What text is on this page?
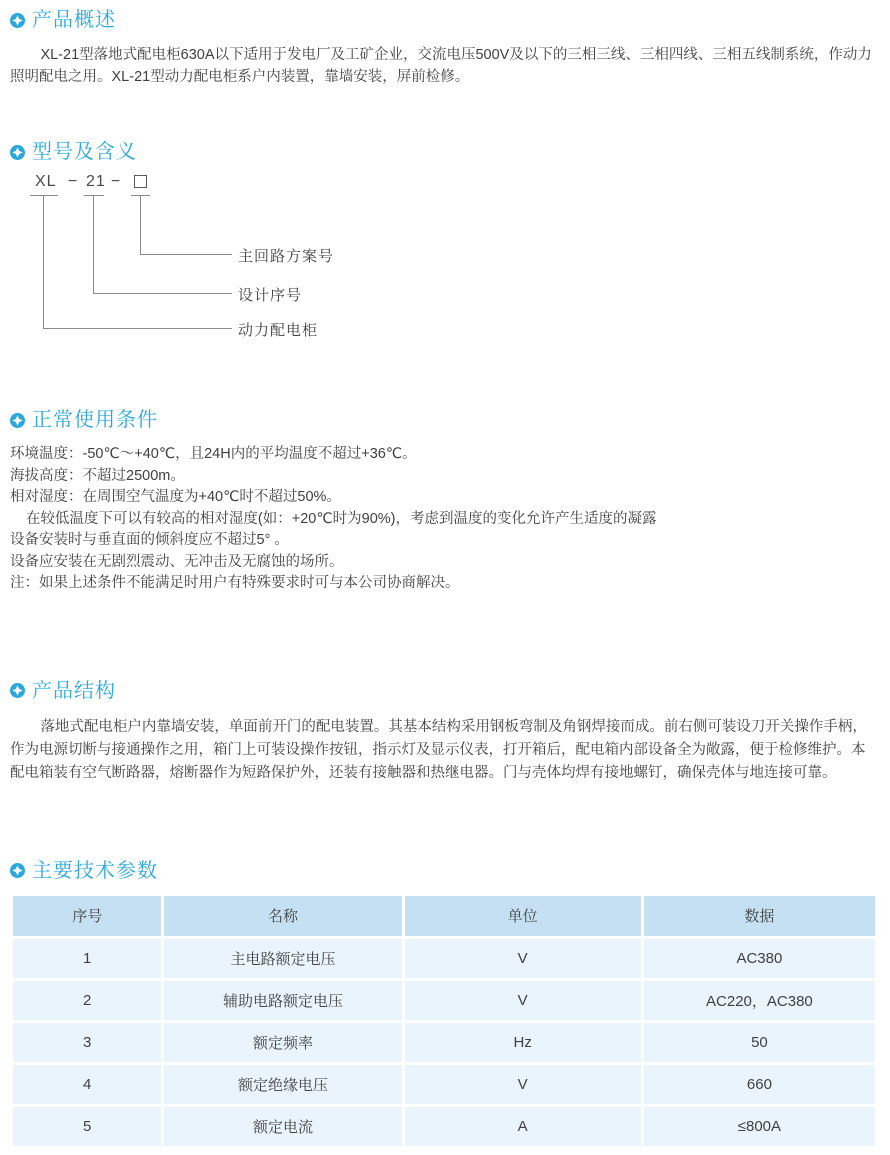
产品概述

XL-21型落地式配电柜630A以下适用于发电厂及工矿企业，交流电压500V及以下的三相三线、三相四线、三相五线制系统，作动力照明配电之用。XL-21型动力配电柜系户内装置，靠墙安装，屏前检修。

型号及含义
XL − 21 −
主回路方案号
设计序号
动力配电柜
正常使用条件
环境温度：-50℃～+40℃，且24H内的平均温度不超过+36℃。
海拔高度：不超过2500m。
相对湿度：在周围空气温度为+40℃时不超过50%。
在较低温度下可以有较高的相对湿度(如：+20℃时为90%)，考虑到温度的变化允许产生适度的凝露
设备安装时与垂直面的倾斜度应不超过5° 。
设备应安装在无剧烈震动、无冲击及无腐蚀的场所。
注：如果上述条件不能满足时用户有特殊要求时可与本公司协商解决。
产品结构

落地式配电柜户内靠墙安装，单面前开门的配电装置。其基本结构采用钢板弯制及角钢焊接而成。前右侧可装设刀开关操作手柄，作为电源切断与接通操作之用，箱门上可装设操作按钮，指示灯及显示仪表，打开箱后，配电箱内部设备全为敞露，便于检修维护。本配电箱装有空气断路器，熔断器作为短路保护外，还装有接触器和热继电器。门与壳体均焊有接地螺钉，确保壳体与地连接可靠。

主要技术参数
序号	名称	单位	数据
1	主电路额定电压	V	AC380
2	辅助电路额定电压	V	AC220，AC380
3	额定频率	Hz	50
4	额定绝缘电压	V	660
5	额定电流	A	≤800A
